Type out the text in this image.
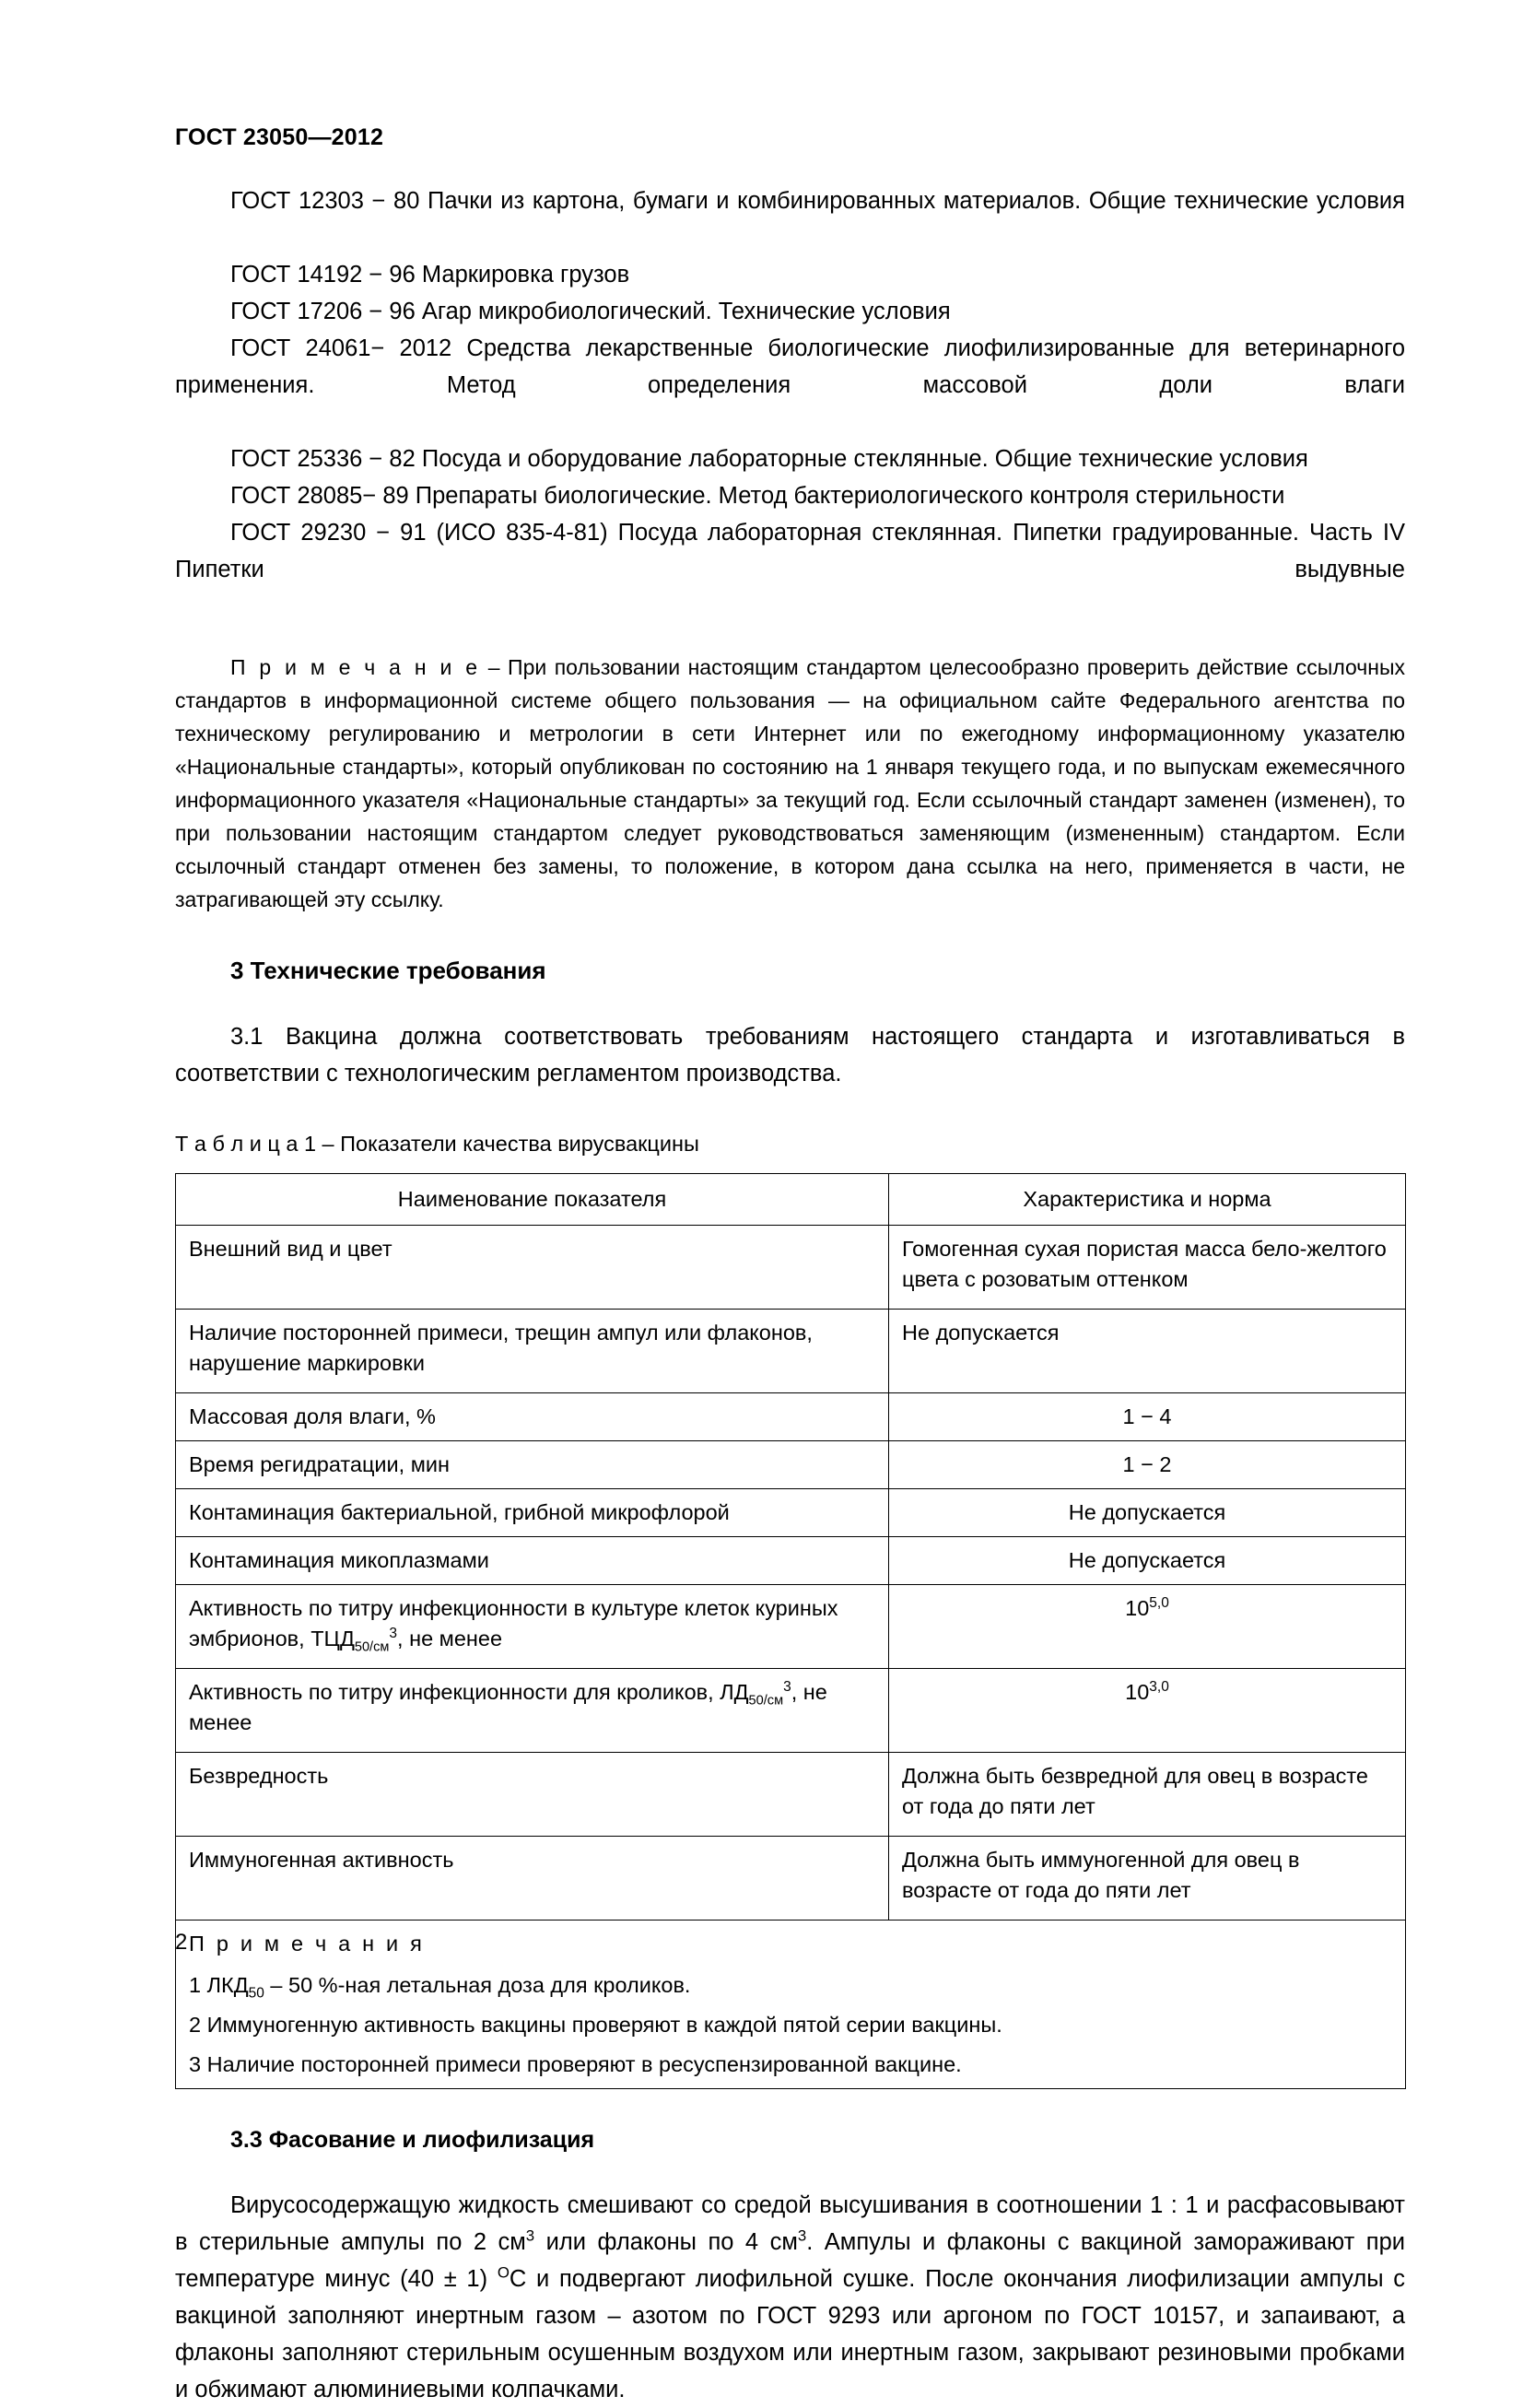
ГОСТ 23050—2012

ГОСТ 12303 − 80 Пачки из картона, бумаги и комбинированных материалов. Общие технические условия

ГОСТ 14192 − 96 Маркировка грузов

ГОСТ 17206 − 96 Агар микробиологический. Технические условия

ГОСТ 24061− 2012 Средства лекарственные биологические лиофилизированные для ветеринарного применения. Метод определения массовой доли влаги

ГОСТ 25336 − 82 Посуда и оборудование лабораторные стеклянные. Общие технические условия

ГОСТ 28085− 89 Препараты биологические. Метод бактериологического контроля стерильности

ГОСТ 29230 − 91 (ИСО 835-4-81) Посуда лабораторная стеклянная. Пипетки градуированные. Часть IV Пипетки выдувные

П р и м е ч а н и е – При пользовании настоящим стандартом целесообразно проверить действие ссылочных стандартов в информационной системе общего пользования — на официальном сайте Федерального агентства по техническому регулированию и метрологии в сети Интернет или по ежегодному информационному указателю «Национальные стандарты», который опубликован по состоянию на 1 января текущего года, и по выпускам ежемесячного информационного указателя «Национальные стандарты» за текущий год. Если ссылочный стандарт заменен (изменен), то при пользовании настоящим стандартом следует руководствоваться заменяющим (измененным) стандартом. Если ссылочный стандарт отменен без замены, то положение, в котором дана ссылка на него, применяется в части, не затрагивающей эту ссылку.

3 Технические требования

3.1 Вакцина должна соответствовать требованиям настоящего стандарта и изготавливаться в соответствии с технологическим регламентом производства.

Т а б л и ц а 1 – Показатели качества вирусвакцины
Наименование показателя	Характеристика и норма
Внешний вид и цвет	Гомогенная сухая пористая масса бело-желтого цвета с розоватым оттенком
Наличие посторонней примеси, трещин ампул или флаконов, нарушение маркировки	Не допускается
Массовая доля влаги, %	1 − 4
Время регидратации, мин	1 − 2
Контаминация бактериальной, грибной микрофлорой	Не допускается
Контаминация микоплазмами	Не допускается
Активность по титру инфекционности в культуре клеток куриных эмбрионов, $ТЦД_{50/см}^3$, не менее	10$^{5,0}$
Активность по титру инфекционности для кроликов, $ЛД_{50/см}^3$, не менее	10$^{3,0}$
Безвредность	Должна быть безвредной для овец в возрасте от года до пяти лет
Иммуногенная активность	Должна быть иммуногенной для овец в возрасте от года до пяти лет

П р и м е ч а н и я
1 $ЛКД_{50} - 50$ %-ная летальная доза для кроликов.
2 Иммуногенную активность вакцины проверяют в каждой пятой серии вакцины.
3 Наличие посторонней примеси проверяют в ресуспензированной вакцине.	
3.3 Фасование и лиофилизация

Вирусосодержащую жидкость смешивают со средой высушивания в соотношении 1 : 1 и расфасовывают в стерильные ампулы по 2 $см^3$ или флаконы по 4 $см^3$. Ампулы и флаконы с вакциной замораживают при температуре минус (40 ± 1) $^О$С и подвергают лиофильной сушке. После окончания лиофилизации ампулы с вакциной заполняют инертным газом – азотом по ГОСТ 9293 или аргоном по ГОСТ 10157, и запаивают, а флаконы заполняют стерильным осушенным воздухом или инертным газом, закрывают резиновыми пробками и обжимают алюминиевыми колпачками.

2
